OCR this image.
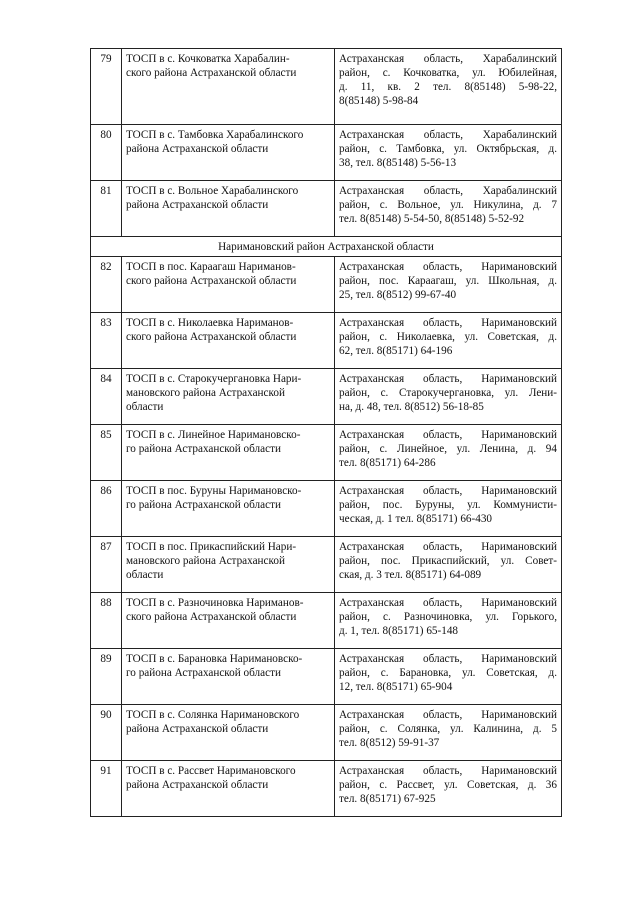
79	ТОСП в с. Кочковатка Харабалин-
ского района Астраханской области	Астраханская область, Харабалинский
район, с. Кочковатка, ул. Юбилейная,
д. 11, кв. 2 тел. 8(85148) 5-98-22,
8(85148) 5-98-84

80	ТОСП в с. Тамбовка Харабалинского
района Астраханской области	Астраханская область, Харабалинский
район, с. Тамбовка, ул. Октябрьская, д.
38, тел. 8(85148) 5-56-13

81	ТОСП в с. Вольное Харабалинского
района Астраханской области	Астраханская область, Харабалинский
район, с. Вольное, ул. Никулина, д. 7
тел. 8(85148) 5-54-50, 8(85148) 5-52-92

Наримановский район Астраханской области		
82	ТОСП в пос. Караагаш Нариманов-
ского района Астраханской области	Астраханская область, Наримановский
район, пос. Караагаш, ул. Школьная, д.
25, тел. 8(8512) 99-67-40

83	ТОСП в с. Николаевка Нариманов-
ского района Астраханской области	Астраханская область, Наримановский
район, с. Николаевка, ул. Советская, д.
62, тел. 8(85171) 64-196

84	ТОСП в с. Старокучергановка Нари-
мановского района Астраханской
области	Астраханская область, Наримановский
район, с. Старокучергановка, ул. Лени-
на, д. 48, тел. 8(8512) 56-18-85

85	ТОСП в с. Линейное Наримановско-
го района Астраханской области	Астраханская область, Наримановский
район, с. Линейное, ул. Ленина, д. 94
тел. 8(85171) 64-286

86	ТОСП в пос. Буруны Наримановско-
го района Астраханской области	Астраханская область, Наримановский
район, пос. Буруны, ул. Коммунисти-
ческая, д. 1 тел. 8(85171) 66-430

87	ТОСП в пос. Прикаспийский Нари-
мановского района Астраханской
области	Астраханская область, Наримановский
район, пос. Прикаспийский, ул. Совет-
ская, д. 3 тел. 8(85171) 64-089

88	ТОСП в с. Разночиновка Нариманов-
ского района Астраханской области	Астраханская область, Наримановский
район, с. Разночиновка, ул. Горького,
д. 1, тел. 8(85171) 65-148

89	ТОСП в с. Барановка Наримановско-
го района Астраханской области	Астраханская область, Наримановский
район, с. Барановка, ул. Советская, д.
12, тел. 8(85171) 65-904

90	ТОСП в с. Солянка Наримановского
района Астраханской области	Астраханская область, Наримановский
район, с. Солянка, ул. Калинина, д. 5
тел. 8(8512) 59-91-37

91	ТОСП в с. Рассвет Наримановского
района Астраханской области	Астраханская область, Наримановский
район, с. Рассвет, ул. Советская, д. 36
тел. 8(85171) 67-925
